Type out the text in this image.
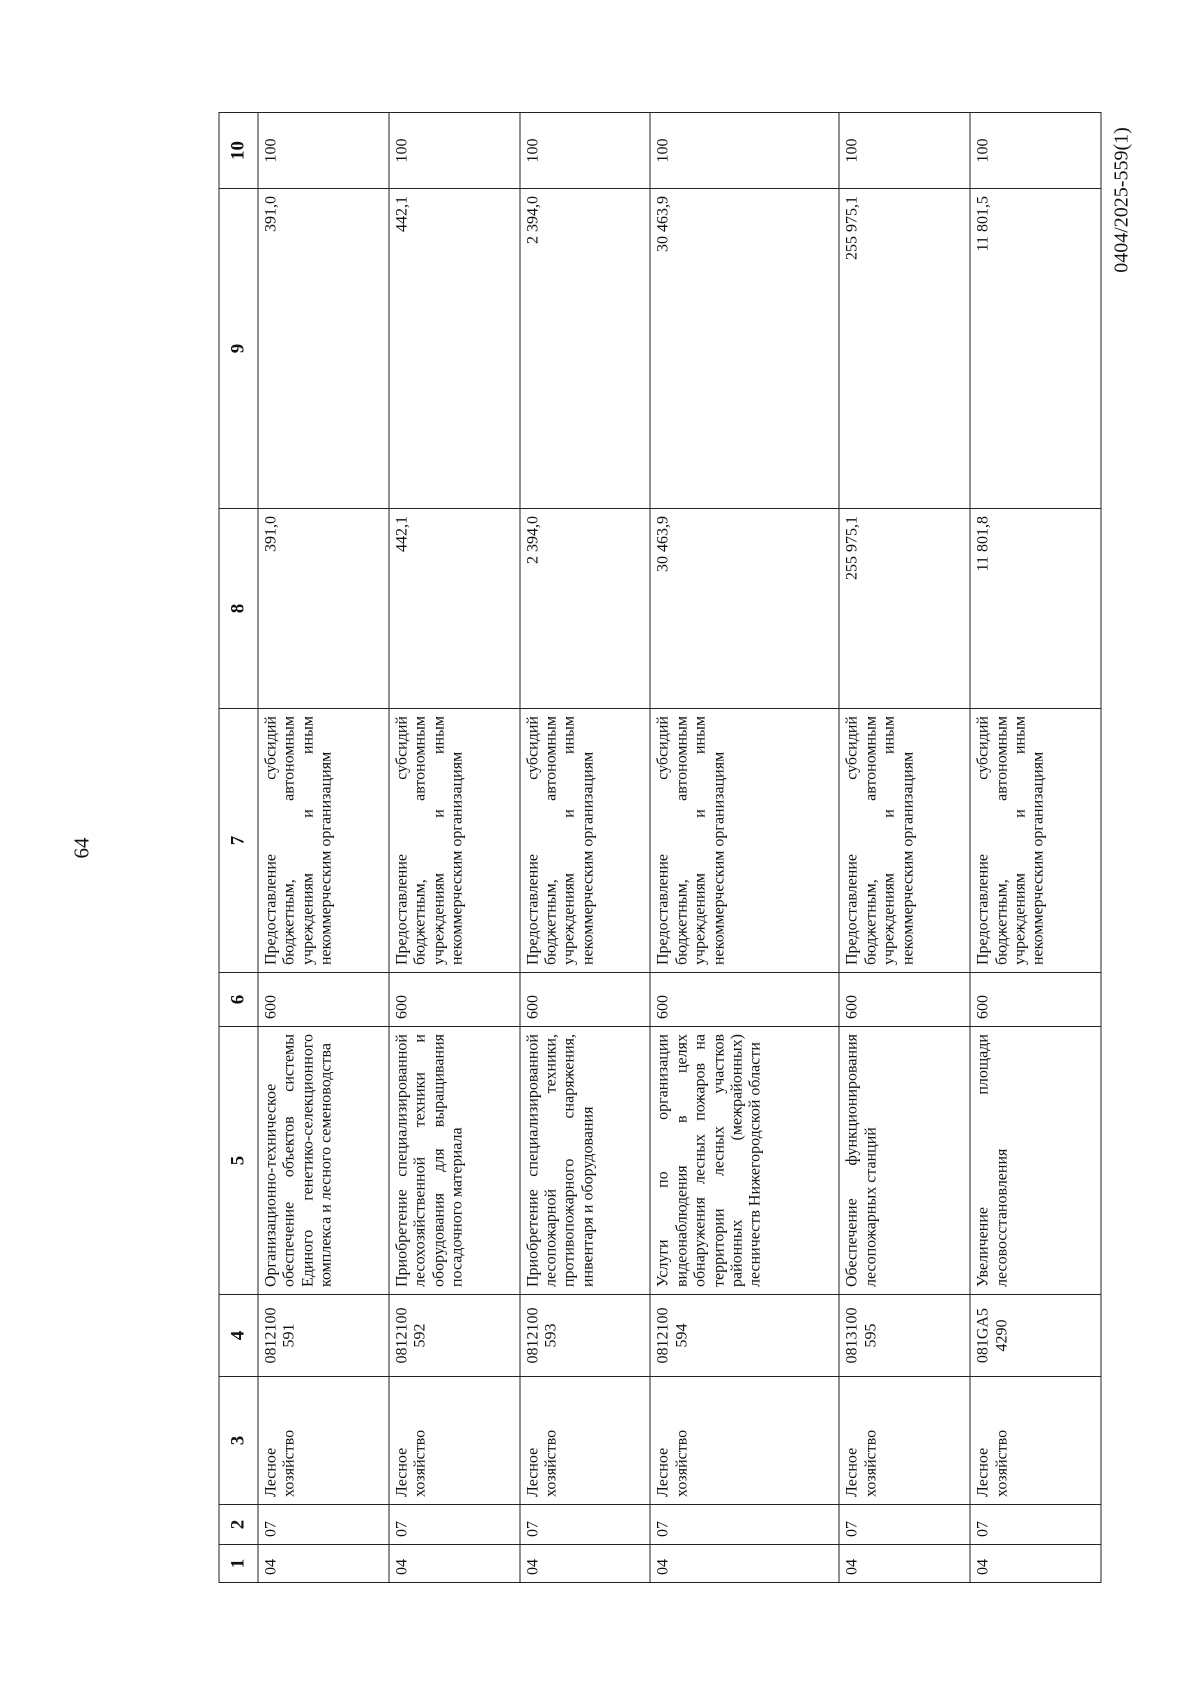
64
0404/2025-559(1)
1	2	3	4	5	6	7	8	9	10
04	07	Лесное хозяйство	0812100 591	Организационно-техническое обеспечение объектов системы Единого генетико-селекционного комплекса и лесного семеноводства	600	Предоставление субсидий бюджетным, автономным учреждениям и иным некоммерческим организациям	391,0	391,0	100
04	07	Лесное хозяйство	0812100 592	Приобретение специализированной лесохозяйственной техники и оборудования для выращивания посадочного материала	600	Предоставление субсидий бюджетным, автономным учреждениям и иным некоммерческим организациям	442,1	442,1	100
04	07	Лесное хозяйство	0812100 593	Приобретение специализированной лесопожарной техники, противопожарного снаряжения, инвентаря и оборудования	600	Предоставление субсидий бюджетным, автономным учреждениям и иным некоммерческим организациям	2 394,0	2 394,0	100
04	07	Лесное хозяйство	0812100 594	Услуги по организации видеонаблюдения в целях обнаружения лесных пожаров на территории лесных участков районных (межрайонных) лесничеств Нижегородской области	600	Предоставление субсидий бюджетным, автономным учреждениям и иным некоммерческим организациям	30 463,9	30 463,9	100
04	07	Лесное хозяйство	0813100 595	Обеспечение функционирования лесопожарных станций	600	Предоставление субсидий бюджетным, автономным учреждениям и иным некоммерческим организациям	255 975,1	255 975,1	100
04	07	Лесное хозяйство	081GA5 4290	Увеличение площади лесовосстановления	600	Предоставление субсидий бюджетным, автономным учреждениям и иным некоммерческим организациям	11 801,8	11 801,5	100
